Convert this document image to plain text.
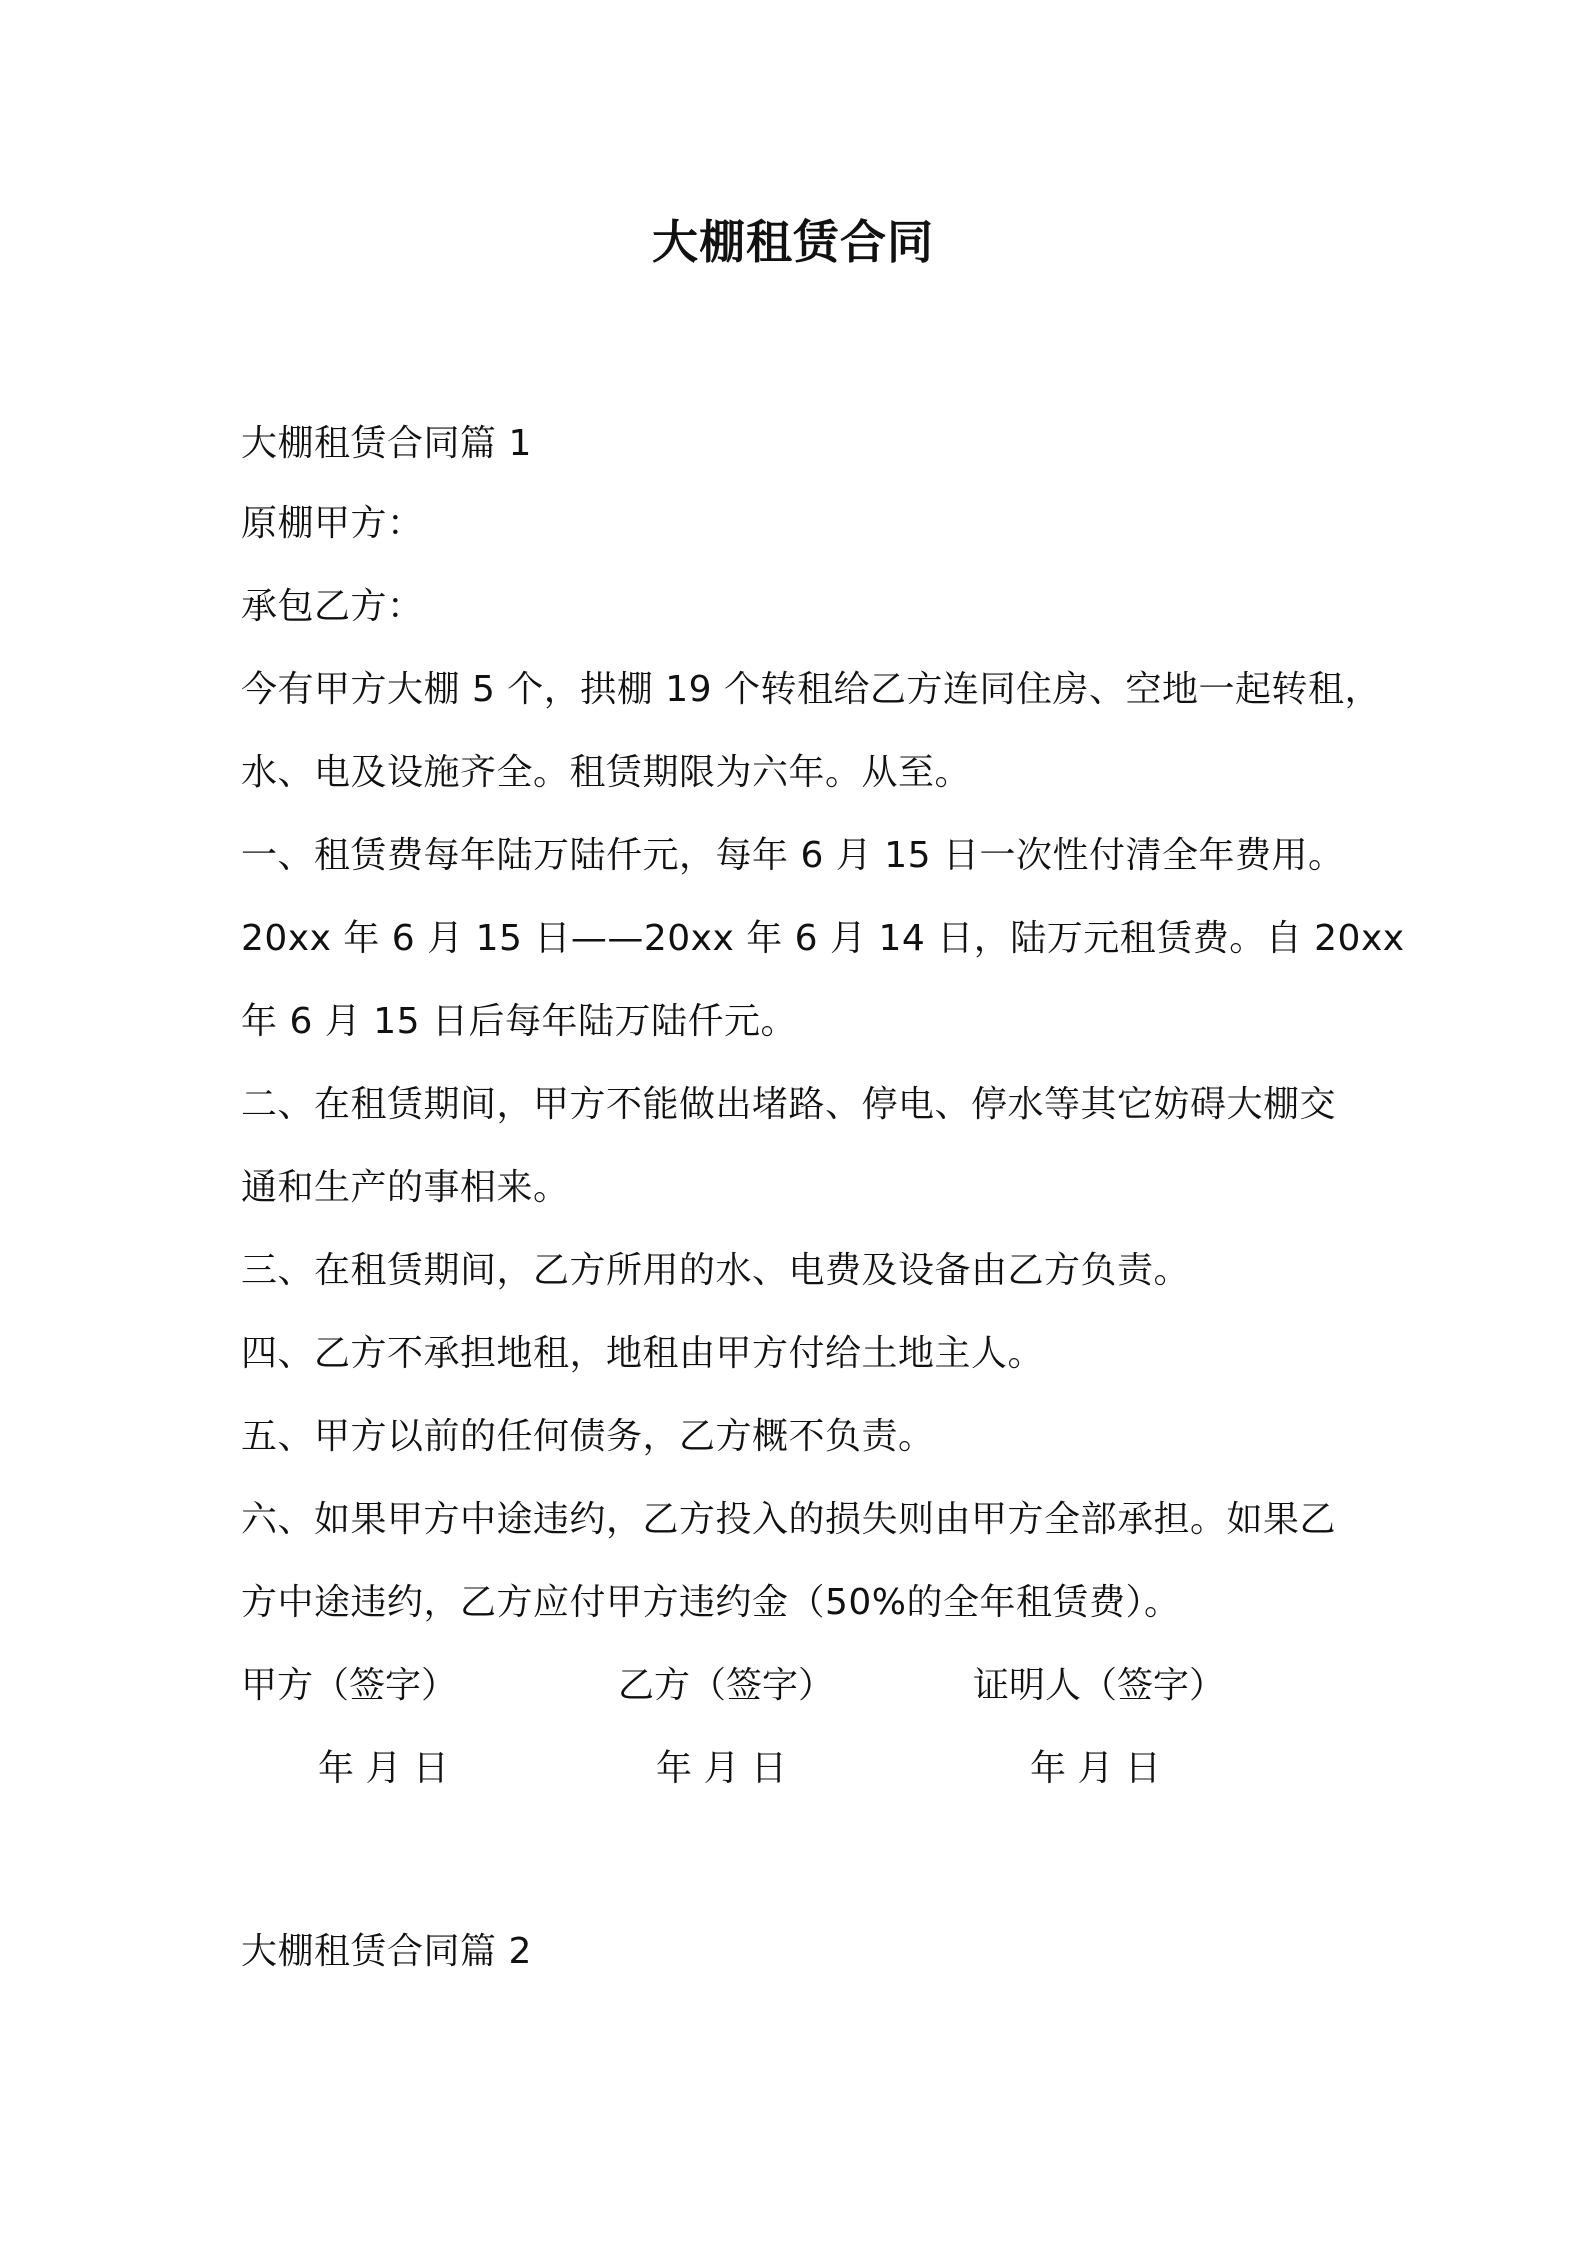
大棚租赁合同
大棚租赁合同篇 1
原棚甲方：
承包乙方：
今有甲方大棚 5 个，拱棚 19 个转租给乙方连同住房、空地一起转租，
水、电及设施齐全。租赁期限为六年。从至。
一、租赁费每年陆万陆仟元，每年 6 月 15 日一次性付清全年费用。
20xx 年 6 月 15 日——20xx 年 6 月 14 日，陆万元租赁费。自 20xx
年 6 月 15 日后每年陆万陆仟元。
二、在租赁期间，甲方不能做出堵路、停电、停水等其它妨碍大棚交
通和生产的事相来。
三、在租赁期间，乙方所用的水、电费及设备由乙方负责。
四、乙方不承担地租，地租由甲方付给土地主人。
五、甲方以前的任何债务，乙方概不负责。
六、如果甲方中途违约，乙方投入的损失则由甲方全部承担。如果乙
方中途违约，乙方应付甲方违约金（50%的全年租赁费）。
甲方（签字）	乙方（签字）	证明人（签字）
年 月 日	年 月 日	年 月 日
大棚租赁合同篇 2
